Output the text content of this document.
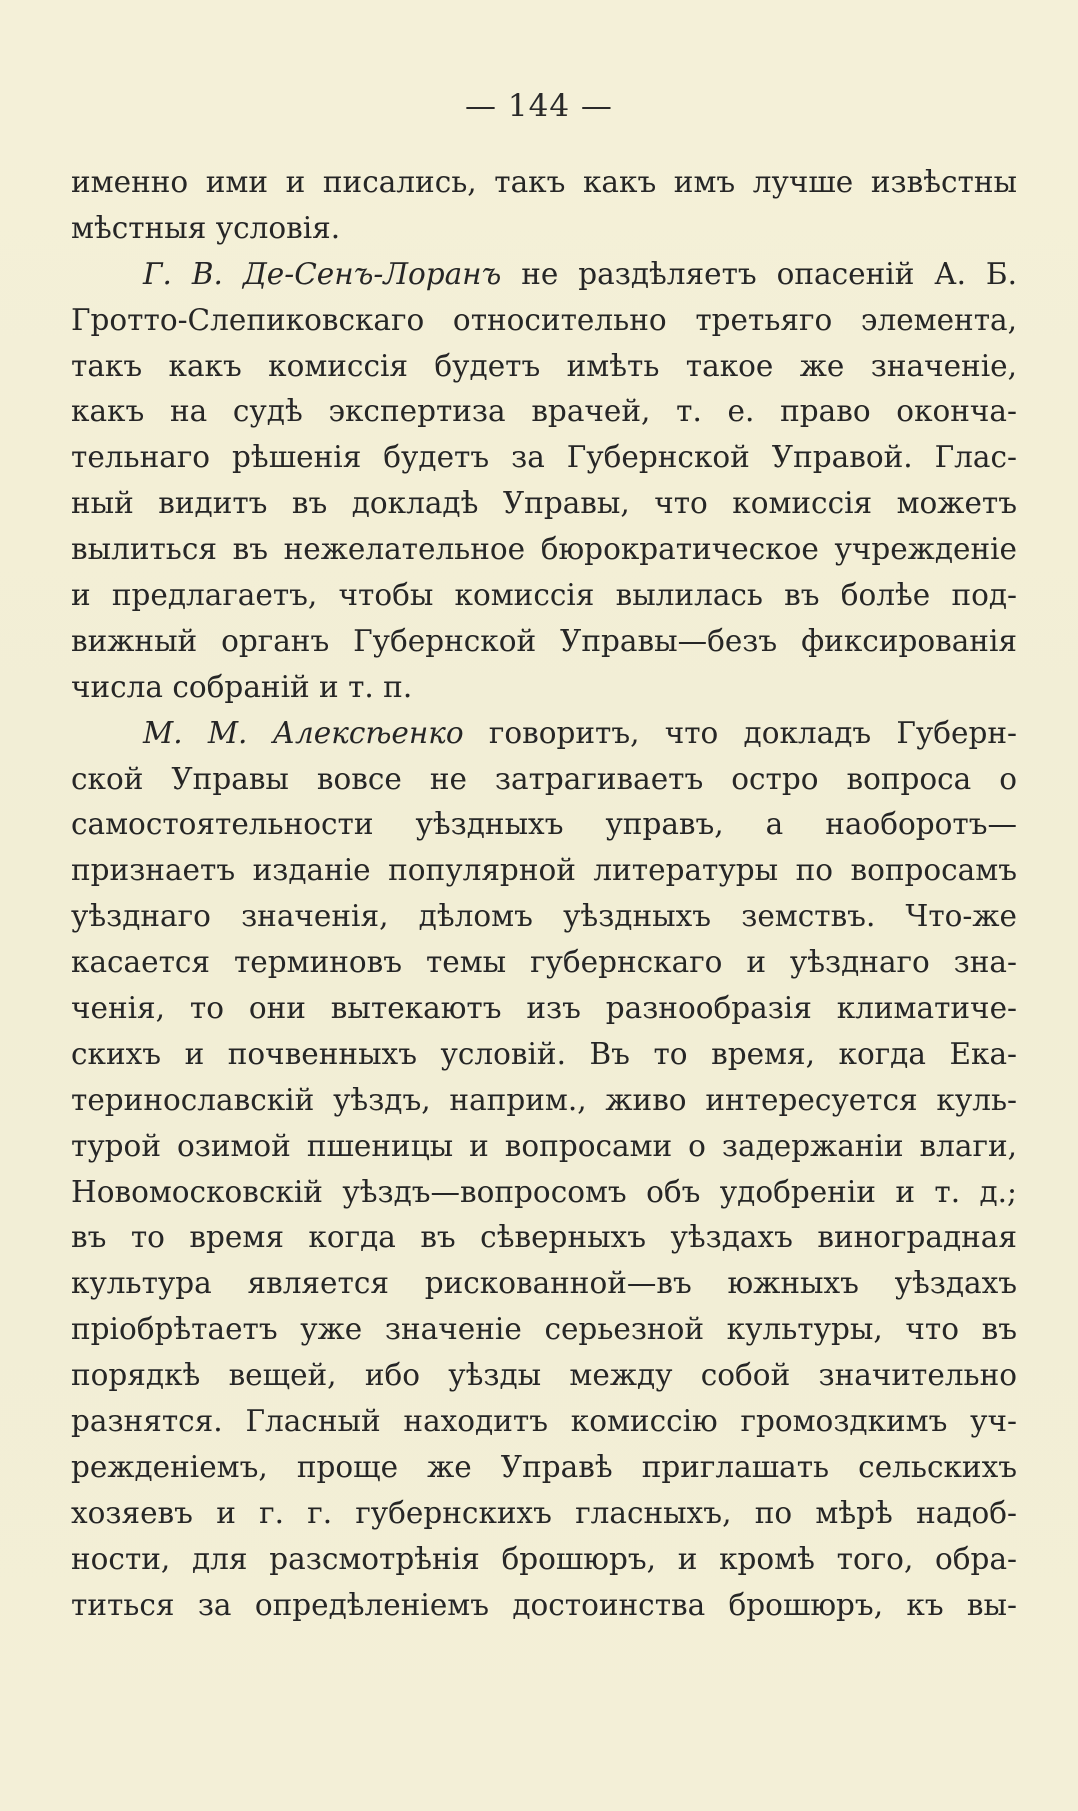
— 144 —
именно ими и писались, такъ какъ имъ лучше извѣстны
мѣстныя условія.
Г. В. Де-Сенъ-Лоранъ не раздѣляетъ опасеній А. Б.
Гротто-Слепиковскаго относительно третьяго элемента,
такъ какъ комиссія будетъ имѣть такое же значеніе,
какъ на судѣ экспертиза врачей, т. е. право оконча-
тельнаго рѣшенія будетъ за Губернской Управой. Глас-
ный видитъ въ докладѣ Управы, что комиссія можетъ
вылиться въ нежелательное бюрократическое учрежденіе
и предлагаетъ, чтобы комиссія вылилась въ болѣе под-
вижный органъ Губернской Управы—безъ фиксированія
числа собраній и т. п.
М. М. Алексѣенко говоритъ, что докладъ Губерн-
ской Управы вовсе не затрагиваетъ остро вопроса о
самостоятельности уѣздныхъ управъ, а наоборотъ—
признаетъ изданіе популярной литературы по вопросамъ
уѣзднаго значенія, дѣломъ уѣздныхъ земствъ. Что-же
касается терминовъ темы губернскаго и уѣзднаго зна-
ченія, то они вытекаютъ изъ разнообразія климатиче-
скихъ и почвенныхъ условій. Въ то время, когда Ека-
теринославскій уѣздъ, наприм., живо интересуется куль-
турой озимой пшеницы и вопросами о задержаніи влаги,
Новомосковскій уѣздъ—вопросомъ объ удобреніи и т. д.;
въ то время когда въ сѣверныхъ уѣздахъ виноградная
культура является рискованной—въ южныхъ уѣздахъ
пріобрѣтаетъ уже значеніе серьезной культуры, что въ
порядкѣ вещей, ибо уѣзды между собой значительно
разнятся. Гласный находитъ комиссію громоздкимъ уч-
режденіемъ, проще же Управѣ приглашать сельскихъ
хозяевъ и г. г. губернскихъ гласныхъ, по мѣрѣ надоб-
ности, для разсмотрѣнія брошюръ, и кромѣ того, обра-
титься за опредѣленіемъ достоинства брошюръ, къ вы-
